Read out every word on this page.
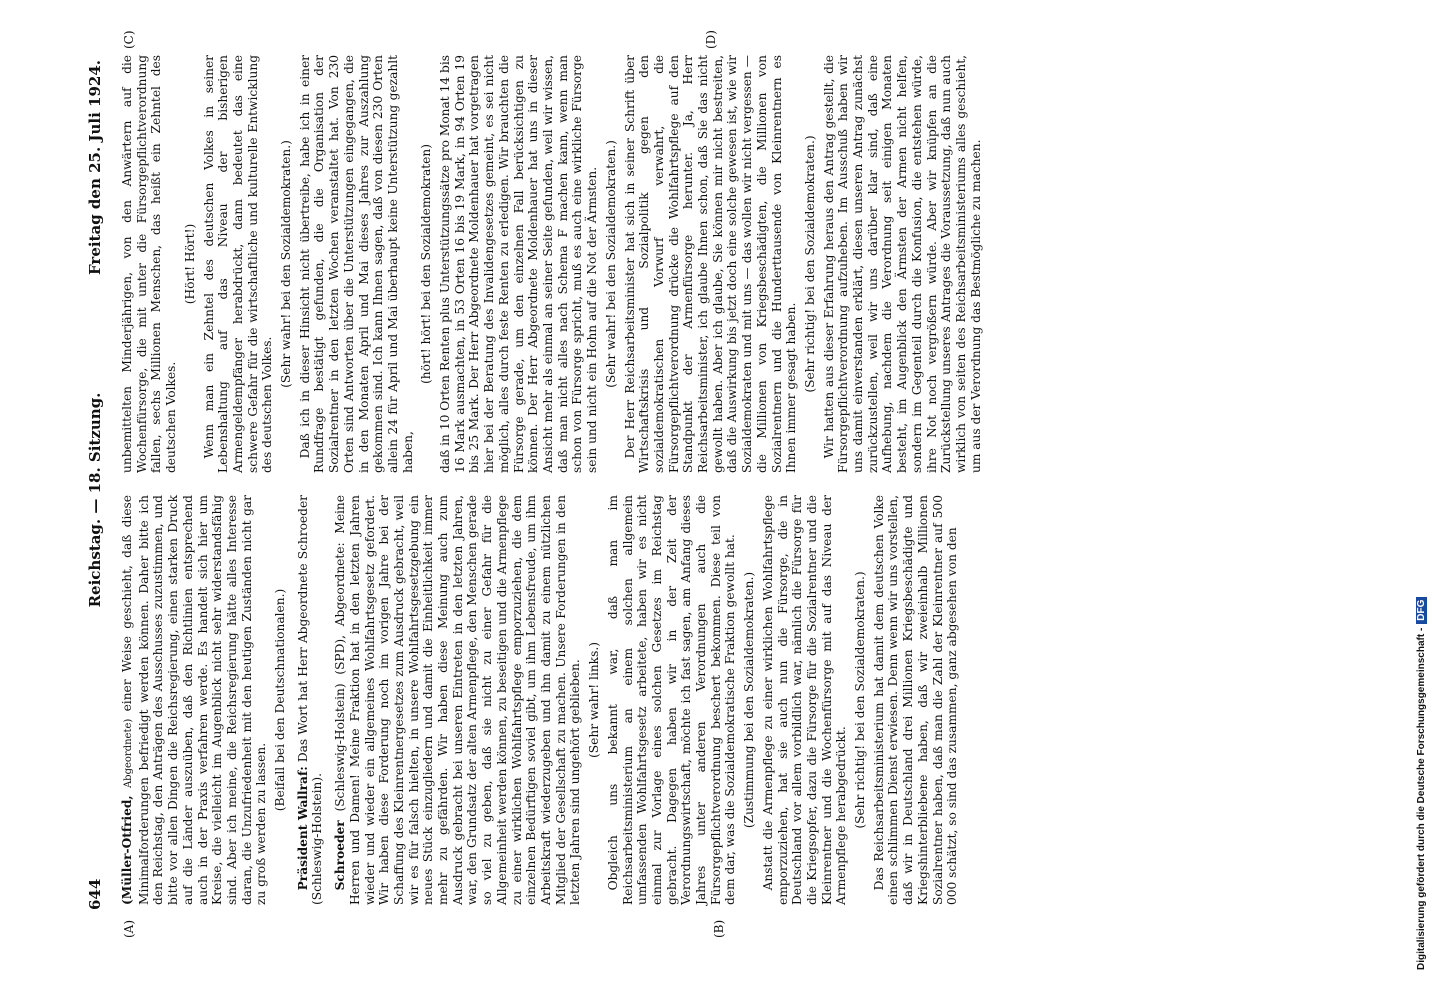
644
Reichstag. — 18. Sitzung.
Freitag den 25. Juli 1924.
(A)	(B)
(C)	(D)

(Müller-Otfried, Abgeordnete) einer Weise geschieht, daß diese Minimalforderungen befriedigt werden können. Daher bitte ich den Reichstag, den Anträgen des Ausschusses zuzustimmen, und bitte vor allen Dingen die Reichsregierung, einen starken Druck auf die Länder auszuüben, daß den Richtlinien entsprechend auch in der Praxis verfahren werde. Es handelt sich hier um Kreise, die vielleicht im Augenblick nicht sehr widerstandsfähig sind. Aber ich meine, die Reichsregierung hätte alles Interesse daran, die Unzufriedenheit mit den heutigen Zuständen nicht gar zu groß werden zu lassen.

(Beifall bei den Deutschnationalen.)

Präsident Wallraf: Das Wort hat Herr Abgeordnete Schroeder (Schleswig-Holstein). Schroeder (Schleswig-Holstein) (SPD), Abgeordnete: Meine Herren und Damen! Meine Fraktion hat in den letzten Jahren wieder und wieder ein allgemeines Wohlfahrtsgesetz gefordert. Wir haben diese Forderung noch im vorigen Jahre bei der Schaffung des Kleinrentnergesetzes zum Ausdruck gebracht, weil wir es für falsch hielten, in unsere Wohlfahrtsgesetzgebung ein neues Stück einzugliedern und damit die Einheitlichkeit immer mehr zu gefährden. Wir haben diese Meinung auch zum Ausdruck gebracht bei unseren Eintreten in den letzten Jahren, war, den Grundsatz der alten Armenpflege, den Menschen gerade so viel zu geben, daß sie nicht zu einer Gefahr für die Allgemeinheit werden können, zu beseitigen und die Armenpflege zu einer wirklichen Wohlfahrtspflege emporzuziehen, die dem einzelnen Bedürftigen soviel gibt, um ihm Lebensfreude, um ihm Arbeitskraft wiederzugeben und ihn damit zu einem nützlichen Mitglied der Gesellschaft zu machen. Unsere Forderungen in den letzten Jahren sind ungehört geblieben. (Sehr wahr! links.) Obgleich uns bekannt war, daß man im Reichsarbeitsministerium an einem solchen allgemein umfassenden Wohlfahrtsgesetz arbeitete, haben wir es nicht einmal zur Vorlage eines solchen Gesetzes im Reichstag gebracht. Dagegen haben wir in der Zeit der Verordnungswirtschaft, möchte ich fast sagen, am Anfang dieses Jahres unter anderen Verordnungen auch die Fürsorgepflichtverordnung beschert bekommen. Diese teil von dem dar, was die Sozialdemokratische Fraktion gewollt hat. (Zustimmung bei den Sozialdemokraten.) Anstatt die Armenpflege zu einer wirklichen Wohlfahrtspflege emporzuziehen, hat sie auch nun die Fürsorge, die in Deutschland vor allem vorbildlich war, nämlich die Fürsorge für die Kriegsopfer, dazu die Fürsorge für die Sozialrentner und die Kleinrentner und die Wochenfürsorge mit auf das Niveau der Armenpflege herabgedrückt. (Sehr richtig! bei den Sozialdemokraten.) Das Reichsarbeitsministerium hat damit dem deutschen Volke einen schlimmen Dienst erwiesen. Denn wenn wir uns vorstellen, daß wir in Deutschland drei Millionen Kriegsbeschädigte und Kriegshinterbliebene haben, daß wir zweieinhalb Millionen Sozialrentner haben, daß man die Zahl der Kleinrentner auf 500 000 schätzt, so sind das zusammen, ganz abgesehen von den

unbemittelten Minderjährigen, von den Anwärtern auf die Wochenfürsorge, die mit unter die Fürsorgepflichtverordnung fallen, sechs Millionen Menschen, das heißt ein Zehntel des deutschen Volkes.

(Hört! Hört!) Wenn man ein Zehntel des deutschen Volkes in seiner Lebenshaltung auf das Niveau der bisherigen Armengeldempfänger herabdrückt, dann bedeutet das eine schwere Gefahr für die wirtschaftliche und kulturelle Entwicklung des deutschen Volkes.

(Sehr wahr! bei den Sozialdemokraten.) Daß ich in dieser Hinsicht nicht übertreibe, habe ich in einer Rundfrage bestätigt gefunden, die die Organisation der Sozialrentner in den letzten Wochen veranstaltet hat. Von 230 Orten sind Antworten über die Unterstützungen eingegangen, die in den Monaten April und Mai dieses Jahres zur Auszahlung gekommen sind. Ich kann Ihnen sagen, daß von diesen 230 Orten allein 24 für April und Mai überhaupt keine Unterstützung gezahlt haben,

(hört! hört! bei den Sozialdemokraten) daß in 10 Orten Renten plus Unterstützungssätze pro Monat 14 bis 16 Mark ausmachten, in 53 Orten 16 bis 19 Mark, in 94 Orten 19 bis 25 Mark. Der Herr Abgeordnete Moldenhauer hat vorgetragen hier bei der Beratung des Invalidengesetzes gemeint, es sei nicht möglich, alles durch feste Renten zu erledigen. Wir brauchten die Fürsorge gerade, um den einzelnen Fall berücksichtigen zu können. Der Herr Abgeordnete Moldenhauer hat uns in dieser Ansicht mehr als einmal an seiner Seite gefunden, weil wir wissen, daß man nicht alles nach Schema F machen kann, wenn man schon von Fürsorge spricht, muß es auch eine wirkliche Fürsorge sein und nicht ein Hohn auf die Not der Ärmsten. (Sehr wahr! bei den Sozialdemokraten.) Der Herr Reichsarbeitsminister hat sich in seiner Schrift über Wirtschaftskrisis und Sozialpolitik gegen den sozialdemokratischen Vorwurf verwahrt, die Fürsorgepflichtverordnung drücke die Wohlfahrtspflege auf den Standpunkt der Armenfürsorge herunter. Ja, Herr Reichsarbeitsminister, ich glaube Ihnen schon, daß Sie das nicht gewollt haben. Aber ich glaube, Sie können mir nicht bestreiten, daß die Auswirkung bis jetzt doch eine solche gewesen ist, wie wir Sozialdemokraten und mit uns — das wollen wir nicht vergessen — die Millionen von Kriegsbeschädigten, die Millionen von Sozialrentnern und die Hunderttausende von Kleinrentnern es Ihnen immer gesagt haben. (Sehr richtig! bei den Sozialdemokraten.) Wir hatten aus dieser Erfahrung heraus den Antrag gestellt, die Fürsorgepflichtverordnung aufzuheben. Im Ausschuß haben wir uns damit einverstanden erklärt, diesen unseren Antrag zunächst zurückzustellen, weil wir uns darüber klar sind, daß eine Aufhebung, nachdem die Verordnung seit einigen Monaten besteht, im Augenblick den Ärmsten der Armen nicht helfen, sondern im Gegenteil durch die Konfusion, die entstehen würde, ihre Not noch vergrößern würde. Aber wir knüpfen an die Zurückstellung unseres Antrages die Voraussetzung, daß nun auch wirklich von seiten des Reichsarbeitsministeriums alles geschieht, um aus der Verordnung das Bestmögliche zu machen.

Digitalisierung gefördert durch die Deutsche Forschungsgemeinschaft -DFG
